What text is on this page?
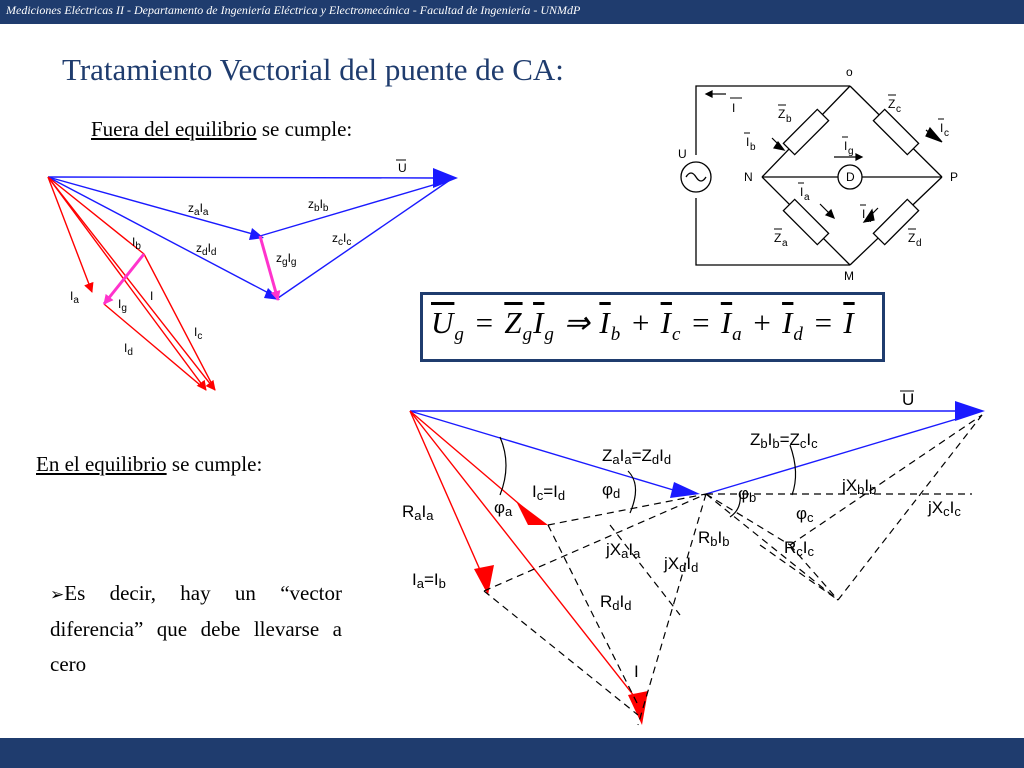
Mediciones Eléctricas II - Departamento de Ingeniería Eléctrica y Electromecánica - Facultad de Ingeniería - UNMdP
Tratamiento Vectorial del puente de CA:
Fuera del equilibrio se cumple:
En el equilibrio se cumple:
➢Es decir, hay un “vector diferencia” que debe llevarse a cero
$\overline{U}_g = \overline{Z}_g\overline{I}_g$ ⇒ $\overline{I}_b + \overline{I}_c = \overline{I}_a + \overline{I}_d = \overline{I}$
o
I	Z b
Z c
I b
I c
I g
U
N	D	P
I a
I d
Z a	Z d
M
U
$z_aI_a$
$z_bI_b$
$z_dI_d$
$z_cI_c$
$z_gI_g$
$I_b$
$I_a$	$I_g$
I
$I_c$
$I_d$
U
ZaIa=ZdId
ZbIb=ZcIc
Ic=Id φd	φb
φa	φc
RaIa
jXbIb
RbIb
jXaIa
jXcIc
jXdId
RcIc
Ia=Ib
RdId
I
